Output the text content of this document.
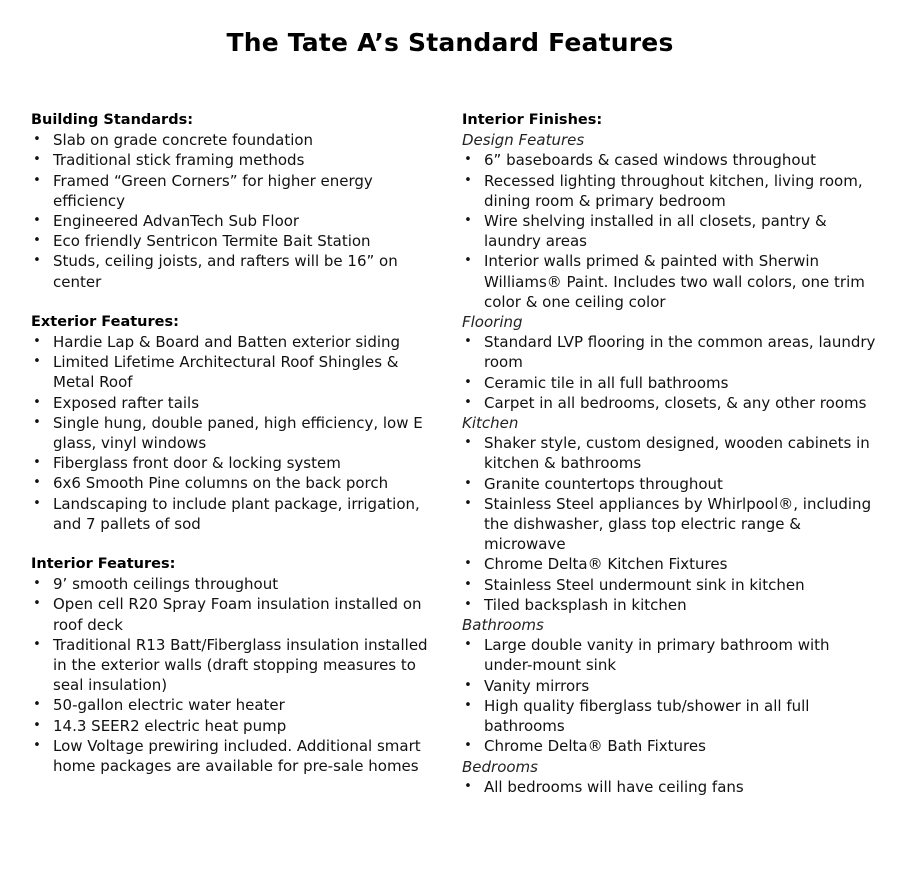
The Tate A’s Standard Features
Building Standards:
• Slab on grade concrete foundation
• Traditional stick framing methods
• Framed “Green Corners” for higher energy efficiency
• Engineered AdvanTech Sub Floor
• Eco friendly Sentricon Termite Bait Station
• Studs, ceiling joists, and rafters will be 16” on center
Exterior Features:
• Hardie Lap & Board and Batten exterior siding
• Limited Lifetime Architectural Roof Shingles & Metal Roof
• Exposed rafter tails
• Single hung, double paned, high efficiency, low E glass, vinyl windows
• Fiberglass front door & locking system
• 6x6 Smooth Pine columns on the back porch
• Landscaping to include plant package, irrigation, and 7 pallets of sod
Interior Features:
• 9’ smooth ceilings throughout
• Open cell R20 Spray Foam insulation installed on roof deck
• Traditional R13 Batt/Fiberglass insulation installed in the exterior walls (draft stopping measures to seal insulation)
• 50-gallon electric water heater
• 14.3 SEER2 electric heat pump
• Low Voltage prewiring included. Additional smart home packages are available for pre-sale homes
Interior Finishes:
Design Features
• 6” baseboards & cased windows throughout
• Recessed lighting throughout kitchen, living room, dining room & primary bedroom
• Wire shelving installed in all closets, pantry & laundry areas
• Interior walls primed & painted with Sherwin Williams® Paint. Includes two wall colors, one trim color & one ceiling color
Flooring
• Standard LVP flooring in the common areas, laundry room
• Ceramic tile in all full bathrooms
• Carpet in all bedrooms, closets, & any other rooms
Kitchen
• Shaker style, custom designed, wooden cabinets in kitchen & bathrooms
• Granite countertops throughout
• Stainless Steel appliances by Whirlpool®, including the dishwasher, glass top electric range & microwave
• Chrome Delta® Kitchen Fixtures
• Stainless Steel undermount sink in kitchen
• Tiled backsplash in kitchen
Bathrooms
• Large double vanity in primary bathroom with under-mount sink
• Vanity mirrors
• High quality fiberglass tub/shower in all full bathrooms
• Chrome Delta® Bath Fixtures
Bedrooms
• All bedrooms will have ceiling fans
